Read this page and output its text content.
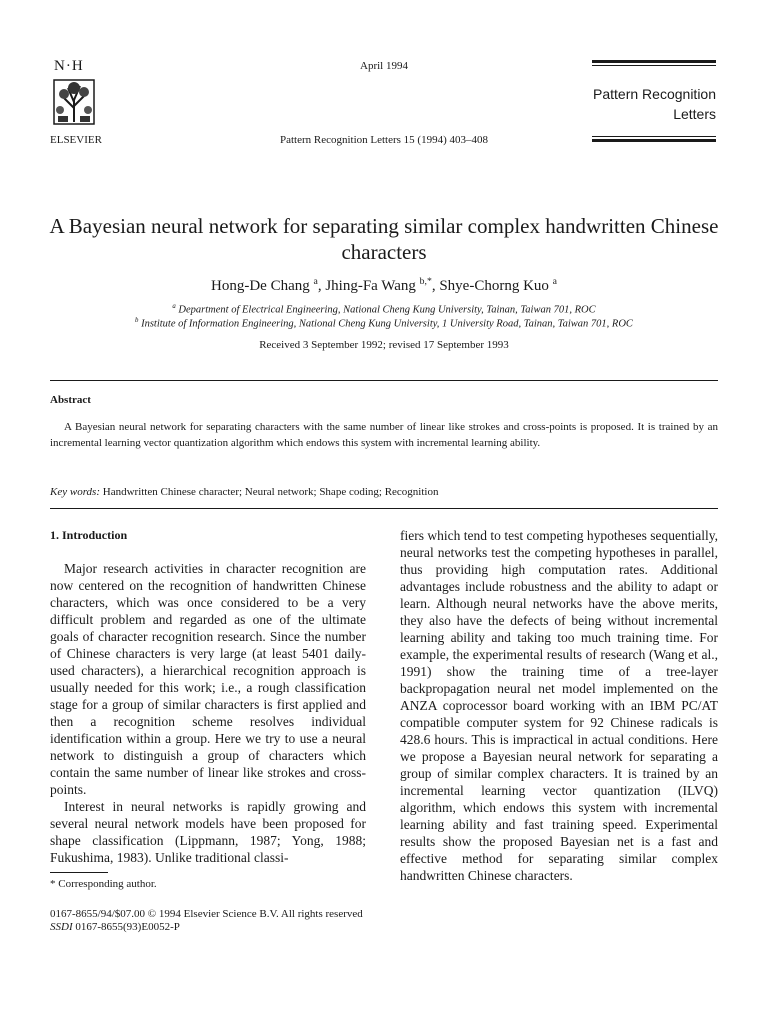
N·H
ELSEVIER
April 1994
Pattern Recognition Letters 15 (1994) 403–408
Pattern Recognition
Letters
A Bayesian neural network for separating similar complex handwritten Chinese characters
Hong-De Chang $^a$, Jhing-Fa Wang $^{b,*}$, Shye-Chorng Kuo $^a$
$^a$ Department of Electrical Engineering, National Cheng Kung University, Tainan, Taiwan 701, ROC
$^b$ Institute of Information Engineering, National Cheng Kung University, 1 University Road, Tainan, Taiwan 701, ROC
Received 3 September 1992; revised 17 September 1993
Abstract
A Bayesian neural network for separating characters with the same number of linear like strokes and cross-points is proposed. It is trained by an incremental learning vector quantization algorithm which endows this system with incremental learning ability.
Key words: Handwritten Chinese character; Neural network; Shape coding; Recognition
1. Introduction

Major research activities in character recognition are now centered on the recognition of handwritten Chinese characters, which was once considered to be a very difficult problem and regarded as one of the ultimate goals of character recognition research. Since the number of Chinese characters is very large (at least 5401 daily-used characters), a hierarchical recognition approach is usually needed for this work; i.e., a rough classification stage for a group of similar characters is first applied and then a recognition scheme resolves individual identification within a group. Here we try to use a neural network to distinguish a group of characters which contain the same number of linear like strokes and cross-points.

Interest in neural networks is rapidly growing and several neural network models have been proposed for shape classification (Lippmann, 1987; Yong, 1988; Fukushima, 1983). Unlike traditional classi-

fiers which tend to test competing hypotheses sequentially, neural networks test the competing hypotheses in parallel, thus providing high computation rates. Additional advantages include robustness and the ability to adapt or learn. Although neural networks have the above merits, they also have the defects of being without incremental learning ability and taking too much training time. For example, the experimental results of research (Wang et al., 1991) show the training time of a tree-layer backpropagation neural net model implemented on the ANZA coprocessor board working with an IBM PC/AT compatible computer system for 92 Chinese radicals is 428.6 hours. This is impractical in actual conditions. Here we propose a Bayesian neural network for separating a group of similar complex characters. It is trained by an incremental learning vector quantization (ILVQ) algorithm, which endows this system with incremental learning ability and fast training speed. Experimental results show the proposed Bayesian net is a fast and effective method for separating similar complex handwritten Chinese characters.

* Corresponding author.
0167-8655/94/$07.00 © 1994 Elsevier Science B.V. All rights reserved
SSDI 0167-8655(93)E0052-P
